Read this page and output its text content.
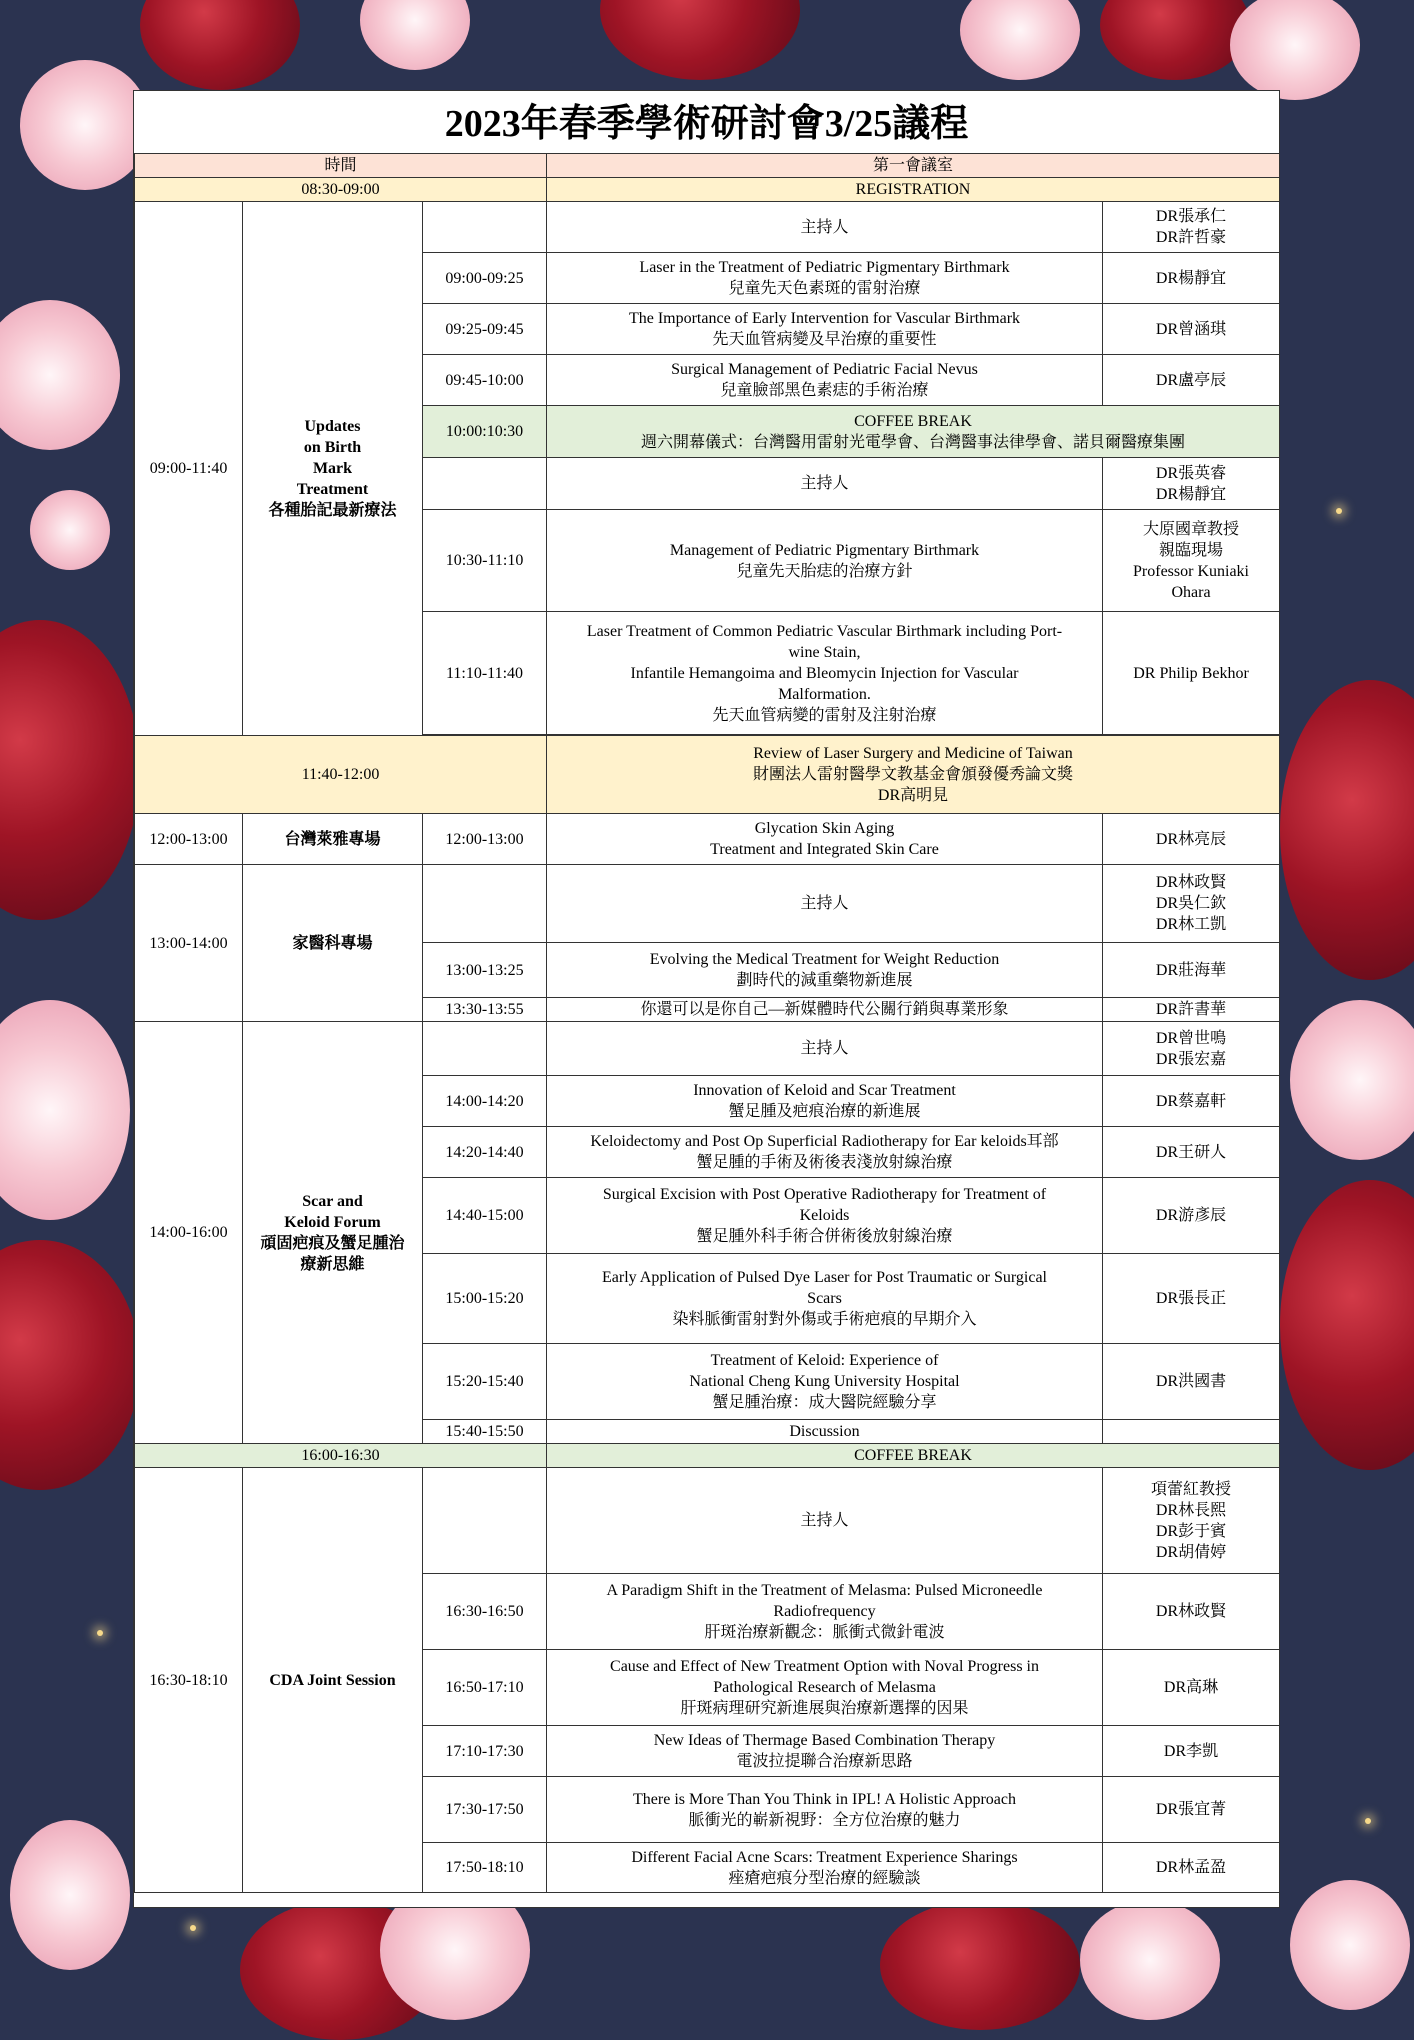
2023年春季學術研討會3/25議程
時間			第一會議室	
08:30-09:00			REGISTRATION	
09:00-11:40	Updates
on Birth
Mark
Treatment
各種胎記最新療法		主持人	DR張承仁
DR許哲豪

		09:00-09:25	Laser in the Treatment of Pediatric Pigmentary Birthmark
兒童先天色素斑的雷射治療	DR楊靜宜
		09:25-09:45	The Importance of Early Intervention for Vascular Birthmark
先天血管病變及早治療的重要性	DR曾涵琪
		09:45-10:00	Surgical Management of Pediatric Facial Nevus
兒童臉部黑色素痣的手術治療	DR盧亭辰
		10:00:10:30	COFFEE BREAK
週六開幕儀式：台灣醫用雷射光電學會、台灣醫事法律學會、諾貝爾醫療集團	

			主持人	DR張英睿
DR楊靜宜

		10:30-11:10	Management of Pediatric Pigmentary Birthmark
兒童先天胎痣的治療方針	大原國章教授
親臨現場
Professor Kuniaki
Ohara

		11:10-11:40	Laser Treatment of Common Pediatric Vascular Birthmark including Port-
wine Stain,
Infantile Hemangoima and Bleomycin Injection for Vascular
Malformation.
先天血管病變的雷射及注射治療	DR Philip Bekhor

11:40-12:00			Review of Laser Surgery and Medicine of Taiwan
財團法人雷射醫學文教基金會頒發優秀論文獎
DR高明見	

12:00-13:00	台灣萊雅專場	12:00-13:00	Glycation Skin Aging
Treatment and Integrated Skin Care	DR林亮辰
13:00-14:00	家醫科專場		主持人	DR林政賢
DR吳仁欽
DR林工凱

		13:00-13:25	Evolving the Medical Treatment for Weight Reduction
劃時代的減重藥物新進展	DR莊海華
		13:30-13:55	你還可以是你自己—新媒體時代公關行銷與專業形象	DR許書華
14:00-16:00	Scar and
Keloid Forum
頑固疤痕及蟹足腫治
療新思維		主持人	DR曾世鳴
DR張宏嘉

		14:00-14:20	Innovation of Keloid and Scar Treatment
蟹足腫及疤痕治療的新進展	DR蔡嘉軒
		14:20-14:40	Keloidectomy and Post Op Superficial Radiotherapy for Ear keloids耳部
蟹足腫的手術及術後表淺放射線治療	DR王研人
		14:40-15:00	Surgical Excision with Post Operative Radiotherapy for Treatment of
Keloids
蟹足腫外科手術合併術後放射線治療	DR游彥辰
		15:00-15:20	Early Application of Pulsed Dye Laser for Post Traumatic or Surgical
Scars
染料脈衝雷射對外傷或手術疤痕的早期介入	DR張長正
		15:20-15:40	Treatment of Keloid: Experience of
National Cheng Kung University Hospital
蟹足腫治療：成大醫院經驗分享	DR洪國書
		15:40-15:50	Discussion	
16:00-16:30			COFFEE BREAK	
16:30-18:10	CDA Joint Session		主持人	項蕾紅教授
DR林長熙
DR彭于賓
DR胡倩婷

		16:30-16:50	A Paradigm Shift in the Treatment of Melasma: Pulsed Microneedle
Radiofrequency
肝斑治療新觀念：脈衝式微針電波	DR林政賢
		16:50-17:10	Cause and Effect of New Treatment Option with Noval Progress in
Pathological Research of Melasma
肝斑病理研究新進展與治療新選擇的因果	DR高琳
		17:10-17:30	New Ideas of Thermage Based Combination Therapy
電波拉提聯合治療新思路	DR李凱
		17:30-17:50	There is More Than You Think in IPL! A Holistic Approach
脈衝光的嶄新視野：全方位治療的魅力	DR張宜菁
		17:50-18:10	Different Facial Acne Scars: Treatment Experience Sharings
痤瘡疤痕分型治療的經驗談	DR林孟盈
